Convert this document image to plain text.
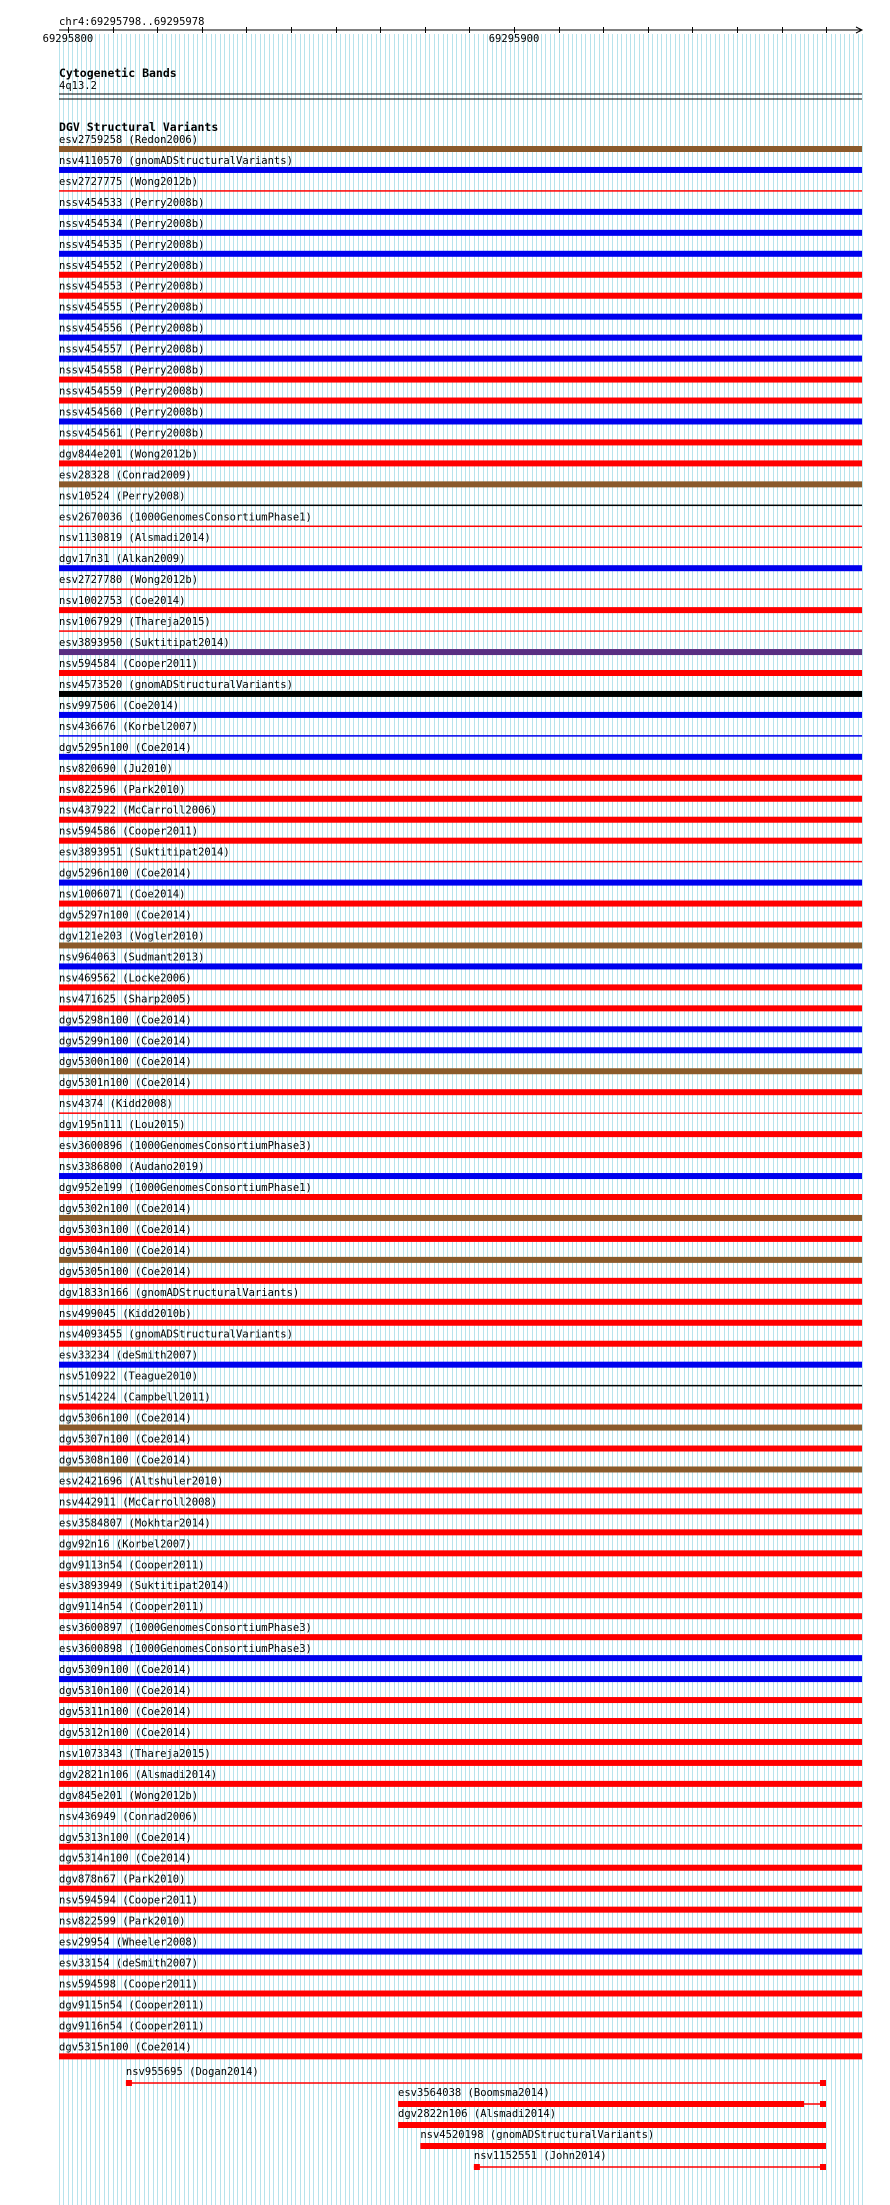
chr4:69295798..69295978
69295800	69295900
Cytogenetic Bands
4q13.2
DGV Structural Variants
esv2759258 (Redon2006)
nsv4110570 (gnomADStructuralVariants)
esv2727775 (Wong2012b)
nssv454533 (Perry2008b)
nssv454534 (Perry2008b)
nssv454535 (Perry2008b)
nssv454552 (Perry2008b)
nssv454553 (Perry2008b)
nssv454555 (Perry2008b)
nssv454556 (Perry2008b)
nssv454557 (Perry2008b)
nssv454558 (Perry2008b)
nssv454559 (Perry2008b)
nssv454560 (Perry2008b)
nssv454561 (Perry2008b)
dgv844e201 (Wong2012b)
esv28328 (Conrad2009)
nsv10524 (Perry2008)
esv2670036 (1000GenomesConsortiumPhase1)
nsv1130819 (Alsmadi2014)
dgv17n31 (Alkan2009)
esv2727780 (Wong2012b)
nsv1002753 (Coe2014)
nsv1067929 (Thareja2015)
esv3893950 (Suktitipat2014)
nsv594584 (Cooper2011)
nsv4573520 (gnomADStructuralVariants)
nsv997506 (Coe2014)
nsv436676 (Korbel2007)
dgv5295n100 (Coe2014)
nsv820690 (Ju2010)
nsv822596 (Park2010)
nsv437922 (McCarroll2006)
nsv594586 (Cooper2011)
esv3893951 (Suktitipat2014)
dgv5296n100 (Coe2014)
nsv1006071 (Coe2014)
dgv5297n100 (Coe2014)
dgv121e203 (Vogler2010)
nsv964063 (Sudmant2013)
nsv469562 (Locke2006)
nsv471625 (Sharp2005)
dgv5298n100 (Coe2014)
dgv5299n100 (Coe2014)
dgv5300n100 (Coe2014)
dgv5301n100 (Coe2014)
nsv4374 (Kidd2008)
dgv195n111 (Lou2015)
esv3600896 (1000GenomesConsortiumPhase3)
nsv3386800 (Audano2019)
dgv952e199 (1000GenomesConsortiumPhase1)
dgv5302n100 (Coe2014)
dgv5303n100 (Coe2014)
dgv5304n100 (Coe2014)
dgv5305n100 (Coe2014)
dgv1833n166 (gnomADStructuralVariants)
nsv499045 (Kidd2010b)
nsv4093455 (gnomADStructuralVariants)
esv33234 (deSmith2007)
nsv510922 (Teague2010)
nsv514224 (Campbell2011)
dgv5306n100 (Coe2014)
dgv5307n100 (Coe2014)
dgv5308n100 (Coe2014)
esv2421696 (Altshuler2010)
nsv442911 (McCarroll2008)
esv3584807 (Mokhtar2014)
dgv92n16 (Korbel2007)
dgv9113n54 (Cooper2011)
esv3893949 (Suktitipat2014)
dgv9114n54 (Cooper2011)
esv3600897 (1000GenomesConsortiumPhase3)
esv3600898 (1000GenomesConsortiumPhase3)
dgv5309n100 (Coe2014)
dgv5310n100 (Coe2014)
dgv5311n100 (Coe2014)
dgv5312n100 (Coe2014)
nsv1073343 (Thareja2015)
dgv2821n106 (Alsmadi2014)
dgv845e201 (Wong2012b)
nsv436949 (Conrad2006)
dgv5313n100 (Coe2014)
dgv5314n100 (Coe2014)
dgv878n67 (Park2010)
nsv594594 (Cooper2011)
nsv822599 (Park2010)
esv29954 (Wheeler2008)
esv33154 (deSmith2007)
nsv594598 (Cooper2011)
dgv9115n54 (Cooper2011)
dgv9116n54 (Cooper2011)
dgv5315n100 (Coe2014)
nsv955695 (Dogan2014)
esv3564038 (Boomsma2014)
dgv2822n106 (Alsmadi2014)
nsv4520198 (gnomADStructuralVariants)
nsv1152551 (John2014)
